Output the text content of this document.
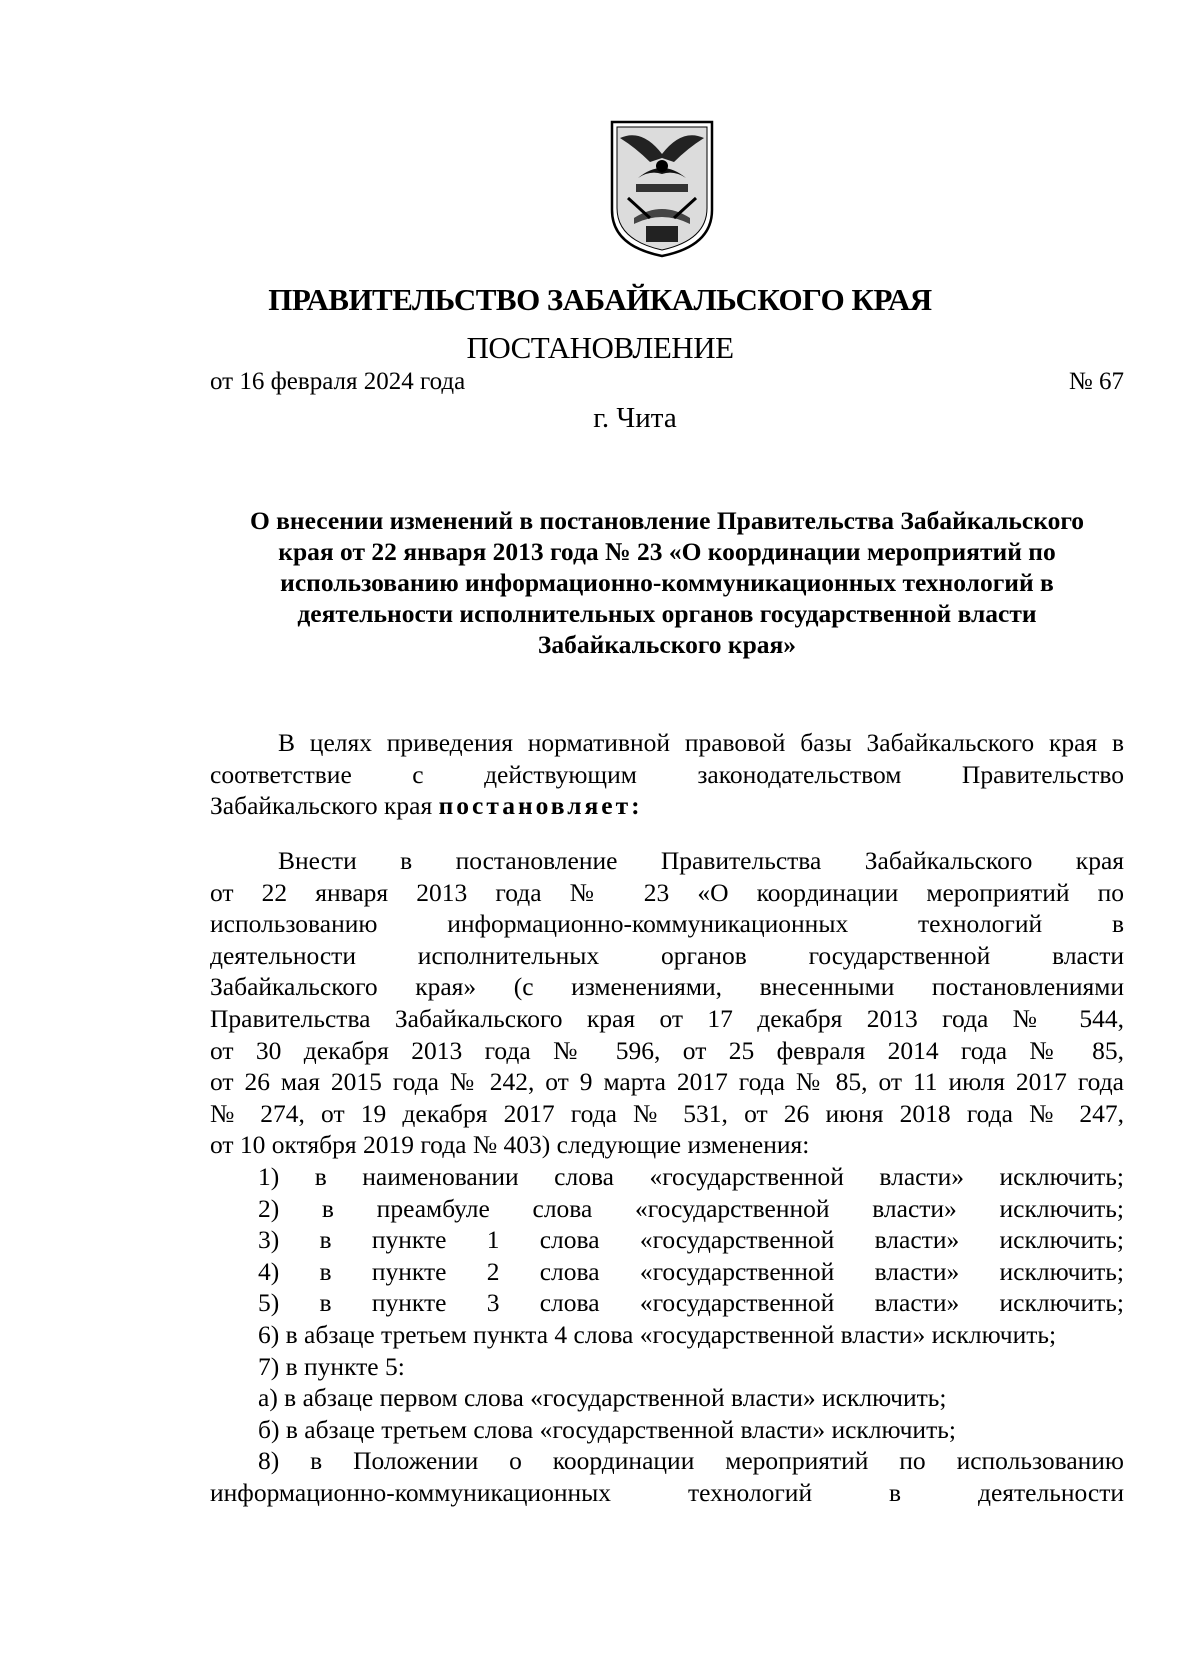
ПРАВИТЕЛЬСТВО ЗАБАЙКАЛЬСКОГО КРАЯ
ПОСТАНОВЛЕНИЕ
от 16 февраля 2024 года	№ 67
г. Чита
О внесении изменений в постановление Правительства Забайкальского
края от 22 января 2013 года № 23 «О координации мероприятий по
использованию информационно-коммуникационных технологий в
деятельности исполнительных органов государственной власти
Забайкальского края»
В целях приведения нормативной правовой базы Забайкальского края в
соответствие с действующим законодательством Правительство
Забайкальского края постановляет:
Внести в постановление Правительства Забайкальского края
от 22 января 2013 года № 23 «О координации мероприятий по
использованию информационно-коммуникационных технологий в
деятельности исполнительных органов государственной власти
Забайкальского края» (с изменениями, внесенными постановлениями
Правительства Забайкальского края от 17 декабря 2013 года № 544,
от 30 декабря 2013 года № 596, от 25 февраля 2014 года № 85,
от 26 мая 2015 года № 242, от 9 марта 2017 года № 85, от 11 июля 2017 года
№ 274, от 19 декабря 2017 года № 531, от 26 июня 2018 года № 247,
от 10 октября 2019 года № 403) следующие изменения:
1) в наименовании слова «государственной власти» исключить;
2) в преамбуле слова «государственной власти» исключить;
3) в пункте 1 слова «государственной власти» исключить;
4) в пункте 2 слова «государственной власти» исключить;
5) в пункте 3 слова «государственной власти» исключить;
6) в абзаце третьем пункта 4 слова «государственной власти» исключить;
7) в пункте 5:
а) в абзаце первом слова «государственной власти» исключить;
б) в абзаце третьем слова «государственной власти» исключить;
8) в Положении о координации мероприятий по использованию
информационно-коммуникационных технологий в деятельности
